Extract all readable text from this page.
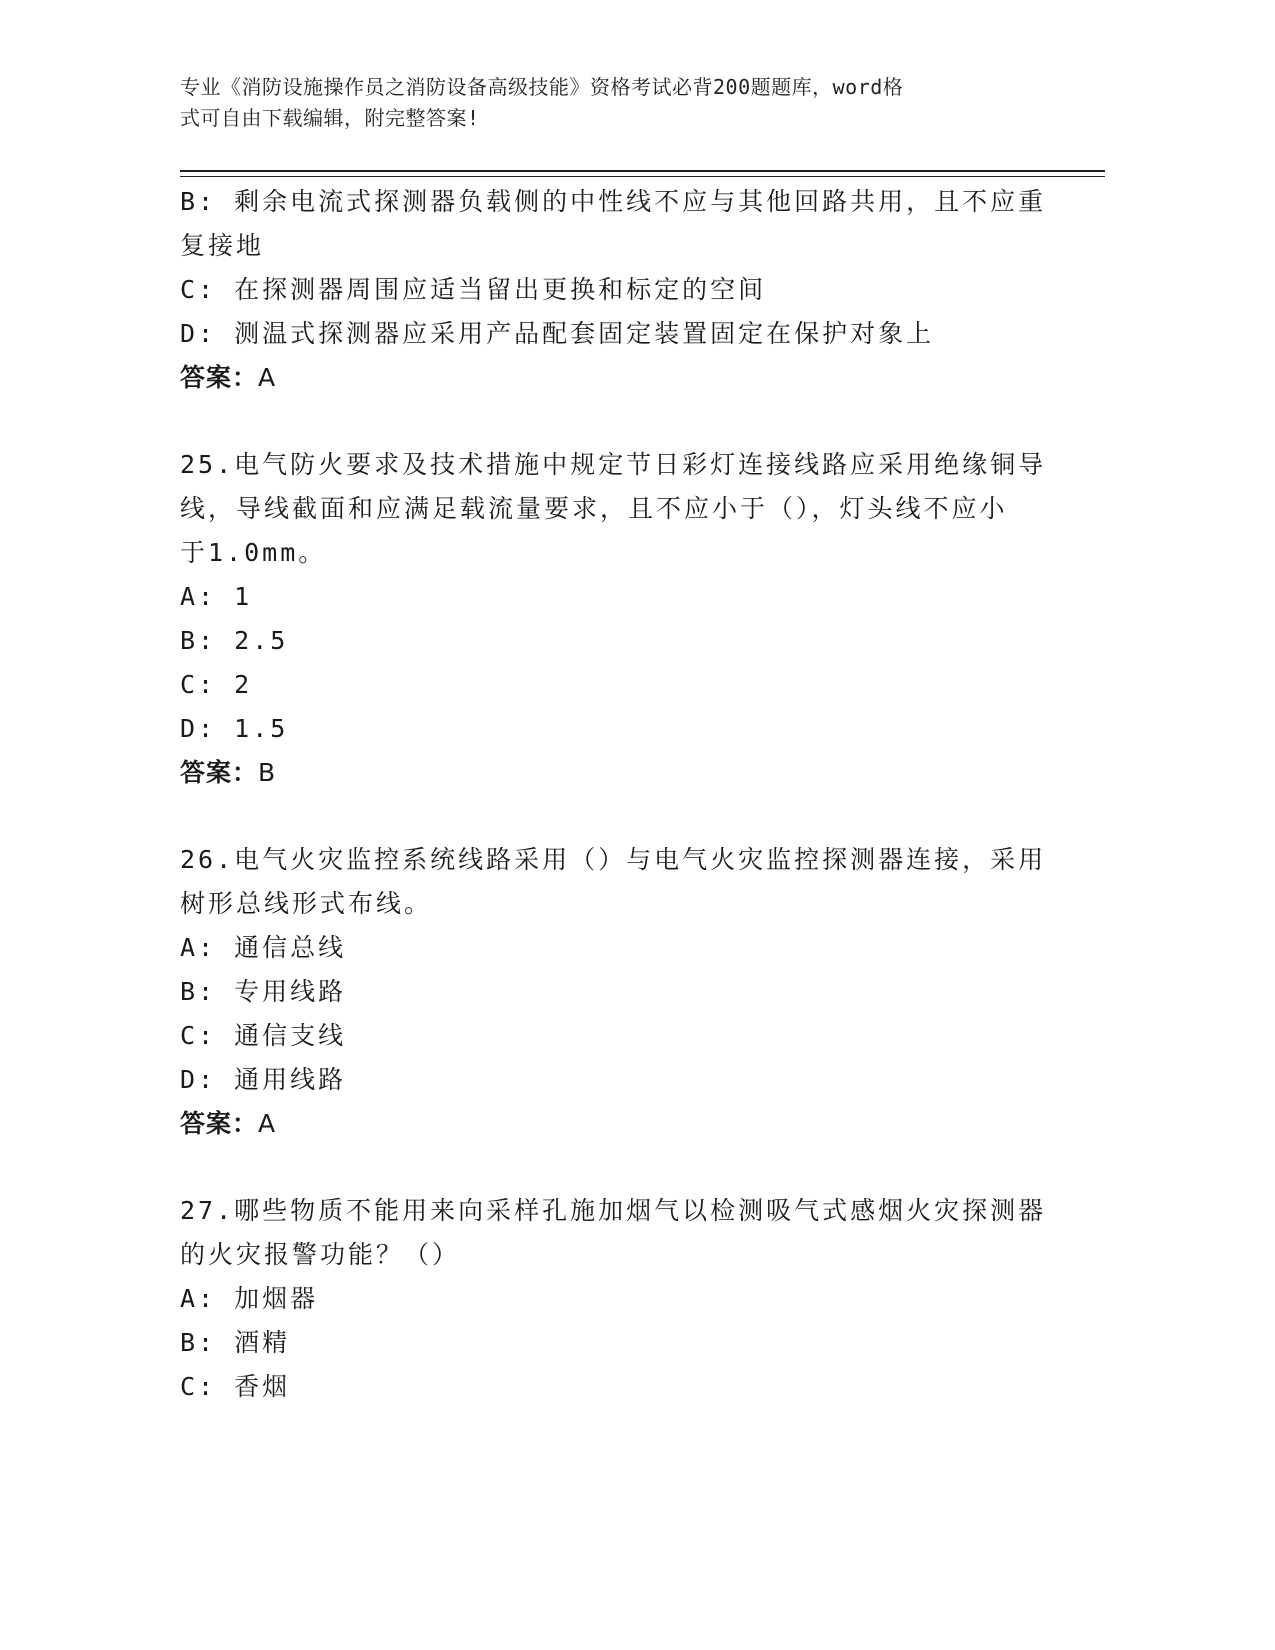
专业《消防设施操作员之消防设备高级技能》资格考试必背200题题库，word格
式可自由下载编辑，附完整答案!
B: 剩余电流式探测器负载侧的中性线不应与其他回路共用，且不应重
复接地
C: 在探测器周围应适当留出更换和标定的空间
D: 测温式探测器应采用产品配套固定装置固定在保护对象上
答案：A
25.电气防火要求及技术措施中规定节日彩灯连接线路应采用绝缘铜导
线，导线截面和应满足载流量要求，且不应小于（），灯头线不应小
于1.0mm。
A: 1
B: 2.5
C: 2
D: 1.5
答案：B
26.电气火灾监控系统线路采用（）与电气火灾监控探测器连接，采用
树形总线形式布线。
A: 通信总线
B: 专用线路
C: 通信支线
D: 通用线路
答案：A
27.哪些物质不能用来向采样孔施加烟气以检测吸气式感烟火灾探测器
的火灾报警功能？（）
A: 加烟器
B: 酒精
C: 香烟
